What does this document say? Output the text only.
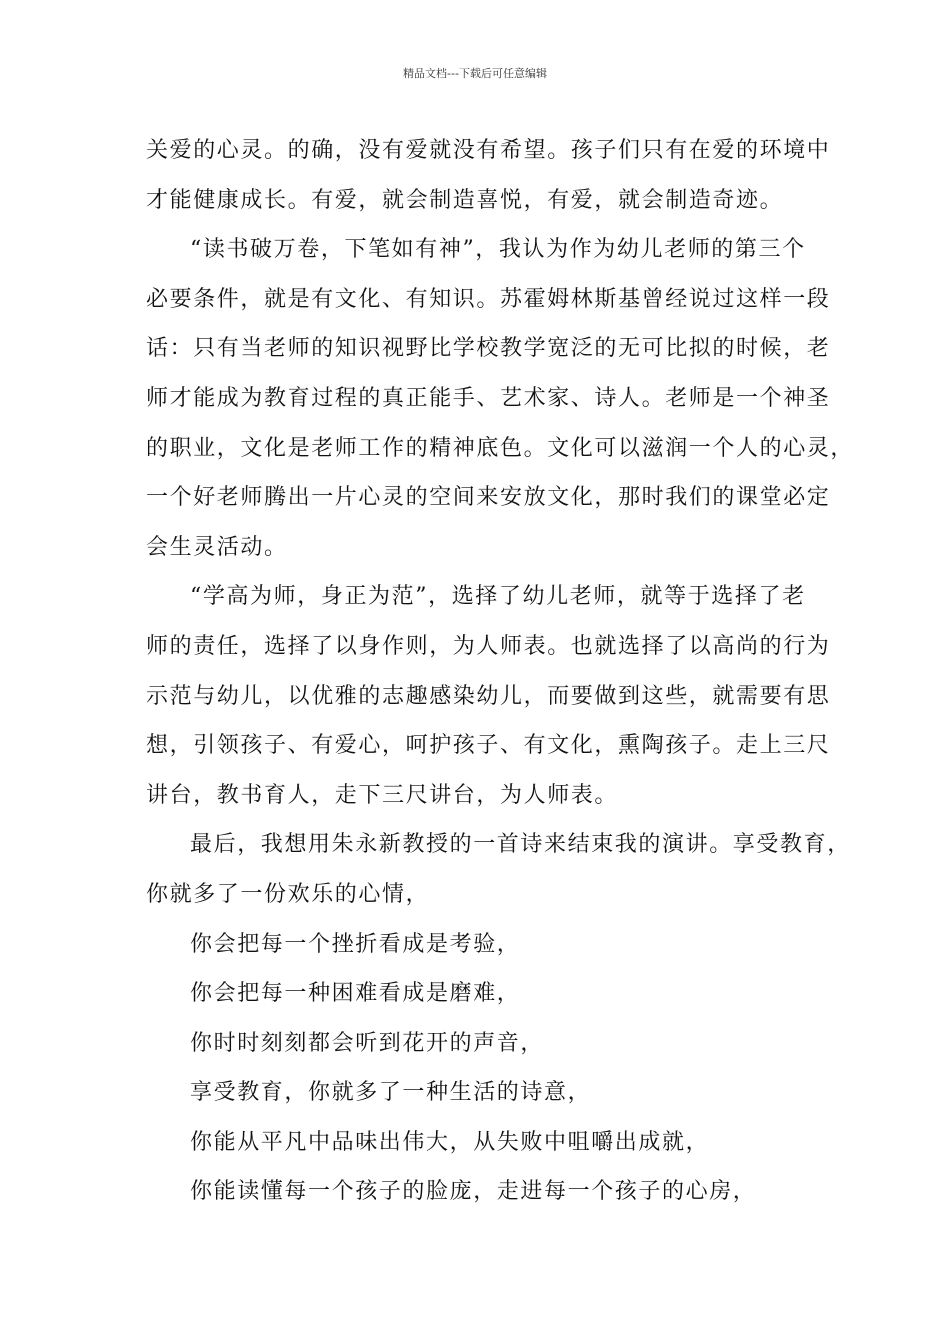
精品文档---下载后可任意编辑
关爱的心灵。的确，没有爱就没有希望。孩子们只有在爱的环境中
才能健康成长。有爱，就会制造喜悦，有爱，就会制造奇迹。
“读书破万卷，下笔如有神”，我认为作为幼儿老师的第三个
必要条件，就是有文化、有知识。苏霍姆林斯基曾经说过这样一段
话：只有当老师的知识视野比学校教学宽泛的无可比拟的时候，老
师才能成为教育过程的真正能手、艺术家、诗人。老师是一个神圣
的职业，文化是老师工作的精神底色。文化可以滋润一个人的心灵，
一个好老师腾出一片心灵的空间来安放文化，那时我们的课堂必定
会生灵活动。
“学高为师，身正为范”，选择了幼儿老师，就等于选择了老
师的责任，选择了以身作则，为人师表。也就选择了以高尚的行为
示范与幼儿，以优雅的志趣感染幼儿，而要做到这些，就需要有思
想，引领孩子、有爱心，呵护孩子、有文化，熏陶孩子。走上三尺
讲台，教书育人，走下三尺讲台，为人师表。
最后，我想用朱永新教授的一首诗来结束我的演讲。享受教育，
你就多了一份欢乐的心情，
你会把每一个挫折看成是考验，
你会把每一种困难看成是磨难，
你时时刻刻都会听到花开的声音，
享受教育，你就多了一种生活的诗意，
你能从平凡中品味出伟大，从失败中咀嚼出成就，
你能读懂每一个孩子的脸庞，走进每一个孩子的心房，
